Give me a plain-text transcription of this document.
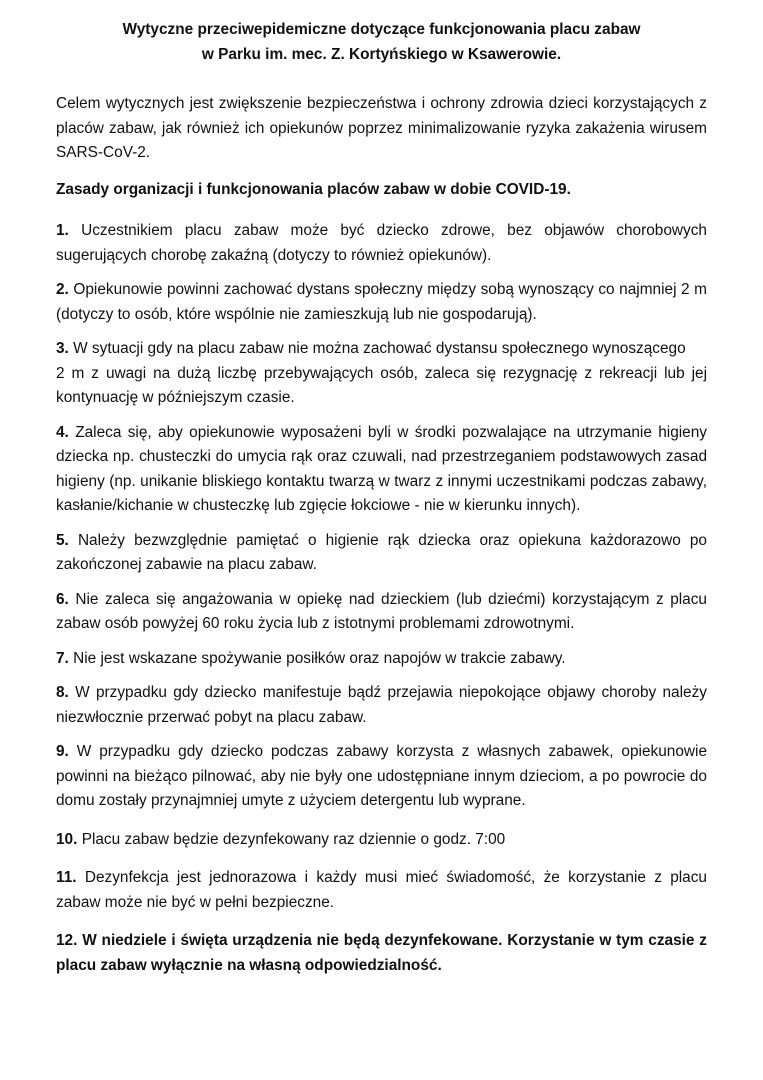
Wytyczne przeciwepidemiczne dotyczące funkcjonowania placu zabaw
w Parku im. mec. Z. Kortyńskiego w Ksawerowie.

Celem wytycznych jest zwiększenie bezpieczeństwa i ochrony zdrowia dzieci korzystających z placów zabaw, jak również ich opiekunów poprzez minimalizowanie ryzyka zakażenia wirusem SARS-CoV-2.

Zasady organizacji i funkcjonowania placów zabaw w dobie COVID-19.

1. Uczestnikiem placu zabaw może być dziecko zdrowe, bez objawów chorobowych sugerujących chorobę zakaźną (dotyczy to również opiekunów).

2. Opiekunowie powinni zachować dystans społeczny między sobą wynoszący co najmniej 2 m (dotyczy to osób, które wspólnie nie zamieszkują lub nie gospodarują).

3. W sytuacji gdy na placu zabaw nie można zachować dystansu społecznego wynoszącego
2 m z uwagi na dużą liczbę przebywających osób, zaleca się rezygnację z rekreacji lub jej kontynuację w późniejszym czasie.

4. Zaleca się, aby opiekunowie wyposażeni byli w środki pozwalające na utrzymanie higieny dziecka np. chusteczki do umycia rąk oraz czuwali, nad przestrzeganiem podstawowych zasad higieny (np. unikanie bliskiego kontaktu twarzą w twarz z innymi uczestnikami podczas zabawy, kasłanie/kichanie w chusteczkę lub zgięcie łokciowe - nie w kierunku innych).

5. Należy bezwzględnie pamiętać o higienie rąk dziecka oraz opiekuna każdorazowo po zakończonej zabawie na placu zabaw.

6. Nie zaleca się angażowania w opiekę nad dzieckiem (lub dziećmi) korzystającym z placu zabaw osób powyżej 60 roku życia lub z istotnymi problemami zdrowotnymi.

7. Nie jest wskazane spożywanie posiłków oraz napojów w trakcie zabawy.

8. W przypadku gdy dziecko manifestuje bądź przejawia niepokojące objawy choroby należy niezwłocznie przerwać pobyt na placu zabaw.

9. W przypadku gdy dziecko podczas zabawy korzysta z własnych zabawek, opiekunowie powinni na bieżąco pilnować, aby nie były one udostępniane innym dzieciom, a po powrocie do domu zostały przynajmniej umyte z użyciem detergentu lub wyprane.

10. Placu zabaw będzie dezynfekowany raz dziennie o godz. 7:00

11. Dezynfekcja jest jednorazowa i każdy musi mieć świadomość, że korzystanie z placu zabaw może nie być w pełni bezpieczne.

12. W niedziele i święta urządzenia nie będą dezynfekowane. Korzystanie w tym czasie z placu zabaw wyłącznie na własną odpowiedzialność.
